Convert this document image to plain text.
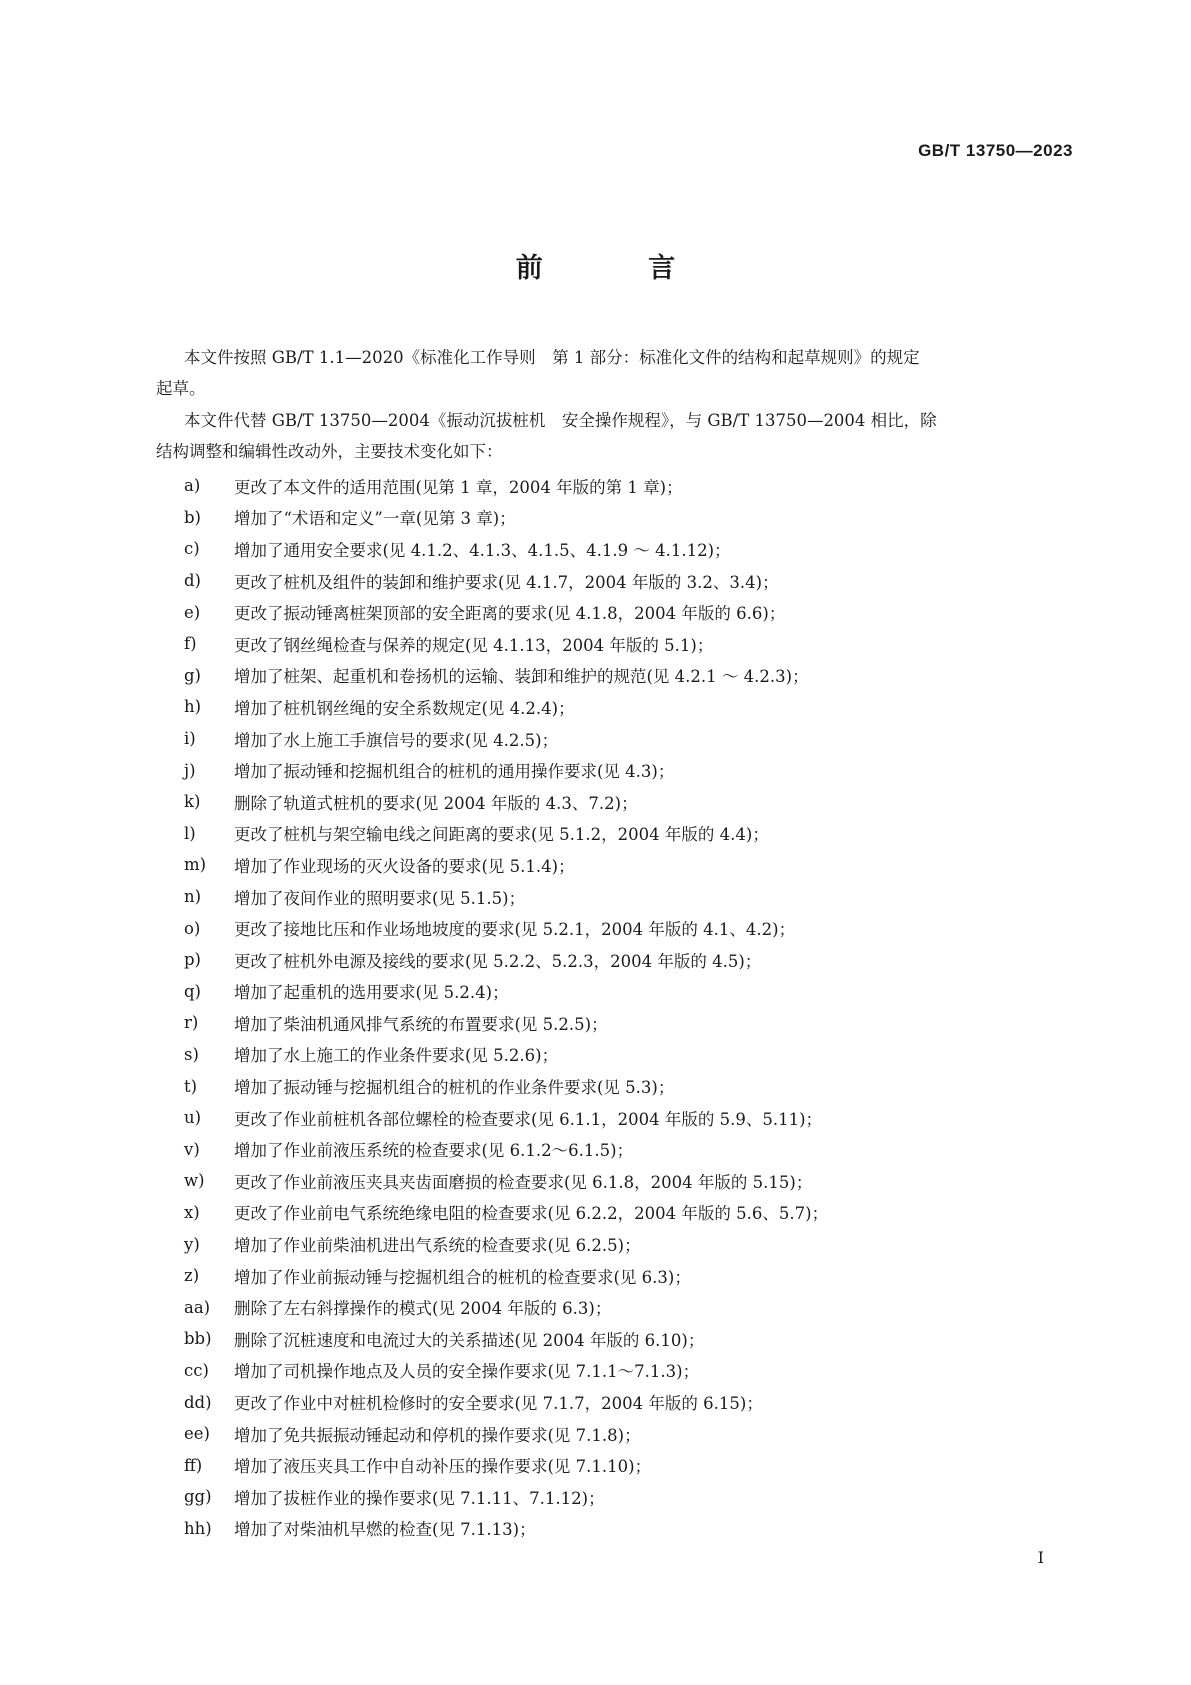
GB/T 13750—2023
前 言
本文件按照 GB/T 1.1—2020《标准化工作导则　第 1 部分：标准化文件的结构和起草规则》的规定
起草。
本文件代替 GB/T 13750—2004《振动沉拔桩机　安全操作规程》，与 GB/T 13750—2004 相比，除
结构调整和编辑性改动外，主要技术变化如下：
a)	更改了本文件的适用范围(见第 1 章，2004 年版的第 1 章)；
b)	增加了“术语和定义”一章(见第 3 章)；
c)	增加了通用安全要求(见 4.1.2、4.1.3、4.1.5、4.1.9 ～ 4.1.12)；
d)	更改了桩机及组件的装卸和维护要求(见 4.1.7，2004 年版的 3.2、3.4)；
e)	更改了振动锤离桩架顶部的安全距离的要求(见 4.1.8，2004 年版的 6.6)；
f)	更改了钢丝绳检查与保养的规定(见 4.1.13，2004 年版的 5.1)；
g)	增加了桩架、起重机和卷扬机的运输、装卸和维护的规范(见 4.2.1 ～ 4.2.3)；
h)	增加了桩机钢丝绳的安全系数规定(见 4.2.4)；
i)	增加了水上施工手旗信号的要求(见 4.2.5)；
j)	增加了振动锤和挖掘机组合的桩机的通用操作要求(见 4.3)；
k)	删除了轨道式桩机的要求(见 2004 年版的 4.3、7.2)；
l)	更改了桩机与架空输电线之间距离的要求(见 5.1.2，2004 年版的 4.4)；
m)	增加了作业现场的灭火设备的要求(见 5.1.4)；
n)	增加了夜间作业的照明要求(见 5.1.5)；
o)	更改了接地比压和作业场地坡度的要求(见 5.2.1，2004 年版的 4.1、4.2)；
p)	更改了桩机外电源及接线的要求(见 5.2.2、5.2.3，2004 年版的 4.5)；
q)	增加了起重机的选用要求(见 5.2.4)；
r)	增加了柴油机通风排气系统的布置要求(见 5.2.5)；
s)	增加了水上施工的作业条件要求(见 5.2.6)；
t)	增加了振动锤与挖掘机组合的桩机的作业条件要求(见 5.3)；
u)	更改了作业前桩机各部位螺栓的检查要求(见 6.1.1，2004 年版的 5.9、5.11)；
v)	增加了作业前液压系统的检查要求(见 6.1.2～6.1.5)；
w)	更改了作业前液压夹具夹齿面磨损的检查要求(见 6.1.8，2004 年版的 5.15)；
x)	更改了作业前电气系统绝缘电阻的检查要求(见 6.2.2，2004 年版的 5.6、5.7)；
y)	增加了作业前柴油机进出气系统的检查要求(见 6.2.5)；
z)	增加了作业前振动锤与挖掘机组合的桩机的检查要求(见 6.3)；
aa)	删除了左右斜撑操作的模式(见 2004 年版的 6.3)；
bb)	删除了沉桩速度和电流过大的关系描述(见 2004 年版的 6.10)；
cc)	增加了司机操作地点及人员的安全操作要求(见 7.1.1～7.1.3)；
dd)	更改了作业中对桩机检修时的安全要求(见 7.1.7，2004 年版的 6.15)；
ee)	增加了免共振振动锤起动和停机的操作要求(见 7.1.8)；
ff)	增加了液压夹具工作中自动补压的操作要求(见 7.1.10)；
gg)	增加了拔桩作业的操作要求(见 7.1.11、7.1.12)；
hh)	增加了对柴油机早燃的检查(见 7.1.13)；
I
